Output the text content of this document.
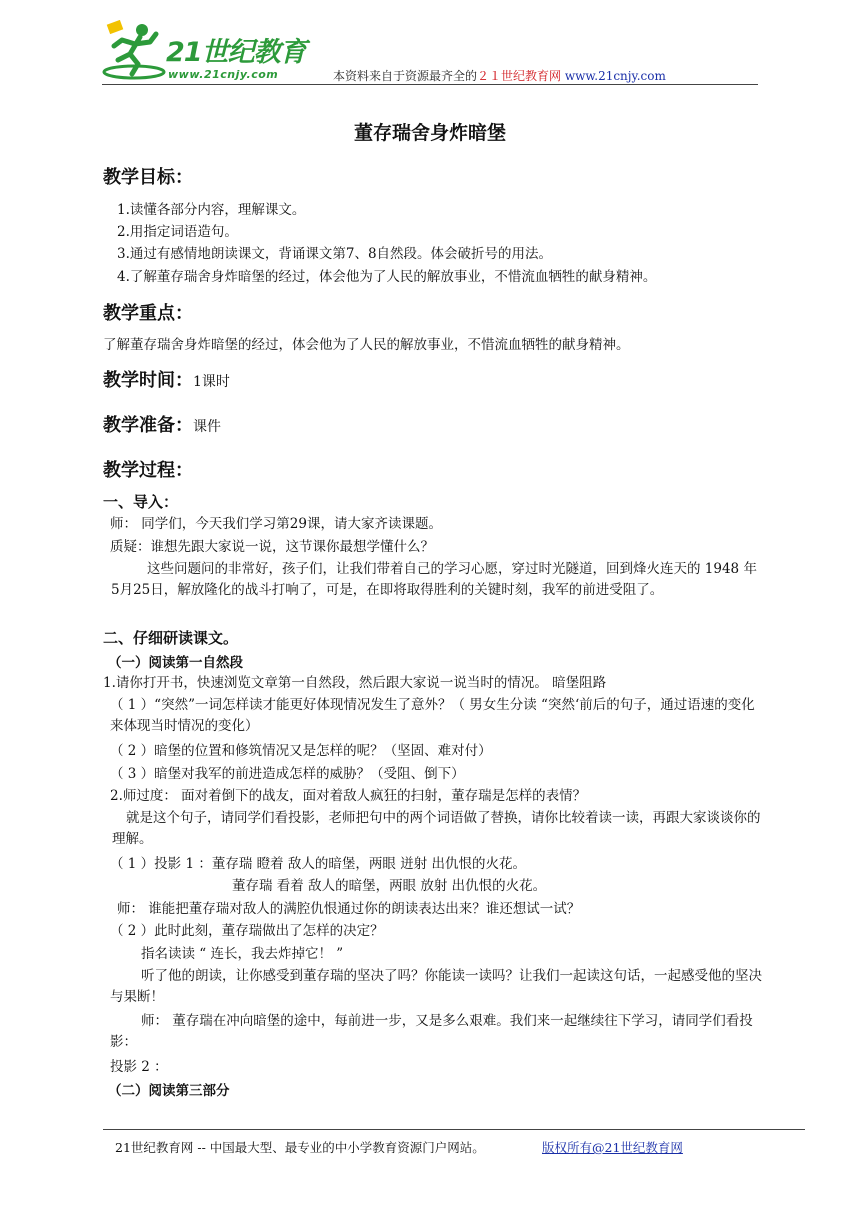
21世纪教育
www.21cnjy.com	本资料来自于资源最齐全的２１世纪教育网 www.21cnjy.com
董存瑞舍身炸暗堡
教学目标：
1.读懂各部分内容，理解课文。
2.用指定词语造句。
3.通过有感情地朗读课文，背诵课文第7、8自然段。体会破折号的用法。
4.了解董存瑞舍身炸暗堡的经过，体会他为了人民的解放事业，不惜流血牺牲的献身精神。
教学重点：
了解董存瑞舍身炸暗堡的经过，体会他为了人民的解放事业，不惜流血牺牲的献身精神。
教学时间：1课时
教学准备：课件
教学过程：
一、导入：
师： 同学们，今天我们学习第29课，请大家齐读课题。
质疑：谁想先跟大家说一说，这节课你最想学懂什么？
这些问题问的非常好，孩子们，让我们带着自己的学习心愿，穿过时光隧道，回到烽火连天的 1948 年5月25日，解放隆化的战斗打响了，可是，在即将取得胜利的关键时刻，我军的前进受阻了。
二、仔细研读课文。
（一）阅读第一自然段
1.请你打开书，快速浏览文章第一自然段，然后跟大家说一说当时的情况。 暗堡阻路
（ 1 ）“突然”一词怎样读才能更好体现情况发生了意外？（ 男女生分读 “突然‘前后的句子，通过语速的变化来体现当时情况的变化）
（ 2 ）暗堡的位置和修筑情况又是怎样的呢？（坚固、难对付）
（ 3 ）暗堡对我军的前进造成怎样的威胁？（受阻、倒下）
2.师过度： 面对着倒下的战友，面对着敌人疯狂的扫射，董存瑞是怎样的表情？
就是这个句子，请同学们看投影，老师把句中的两个词语做了替换，请你比较着读一读，再跟大家谈谈你的理解。
（ 1 ）投影 1 ：董存瑞 瞪着 敌人的暗堡，两眼 迸射 出仇恨的火花。
董存瑞 看着 敌人的暗堡，两眼 放射 出仇恨的火花。
师： 谁能把董存瑞对敌人的满腔仇恨通过你的朗读表达出来？谁还想试一试？
（ 2 ）此时此刻，董存瑞做出了怎样的决定？
指名读读 “ 连长，我去炸掉它！ ”
听了他的朗读，让你感受到董存瑞的坚决了吗？你能读一读吗？让我们一起读这句话，一起感受他的坚决与果断！
师： 董存瑞在冲向暗堡的途中，每前进一步，又是多么艰难。我们来一起继续往下学习，请同学们看投影：
投影 2 ：
（二）阅读第三部分
21世纪教育网 -- 中国最大型、最专业的中小学教育资源门户网站。	版权所有@21世纪教育网
